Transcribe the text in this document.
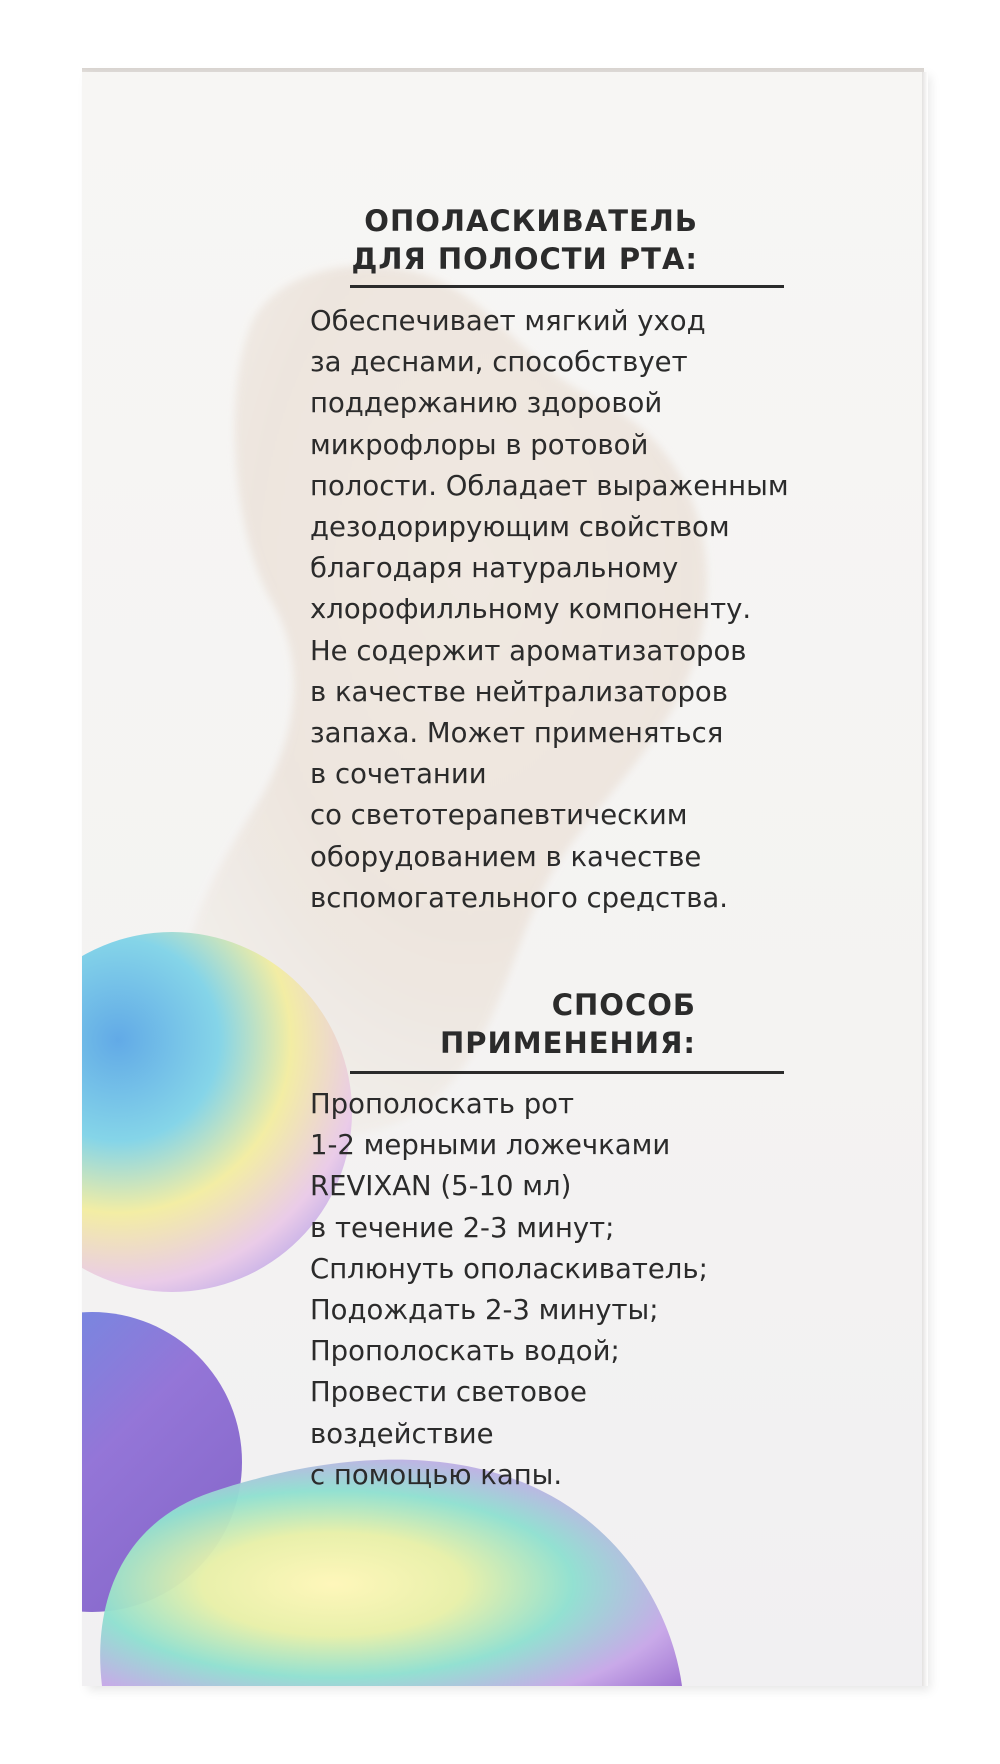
ОПОЛАСКИВАТЕЛЬ
ДЛЯ ПОЛОСТИ РТА:
Обеспечивает мягкий уход
за деснами, способствует
поддержанию здоровой
микрофлоры в ротовой
полости. Обладает выраженным
дезодорирующим свойством
благодаря натуральному
хлорофилльному компоненту.
Не содержит ароматизаторов
в качестве нейтрализаторов
запаха. Может применяться
в сочетании
со светотерапевтическим
оборудованием в качестве
вспомогательного средства.
СПОСОБ
ПРИМЕНЕНИЯ:
Прополоскать рот
1-2 мерными ложечками
REVIXAN (5-10 мл)
в течение 2-3 минут;
Сплюнуть ополаскиватель;
Подождать 2-3 минуты;
Прополоскать водой;
Провести световое
воздействие
с помощью капы.
